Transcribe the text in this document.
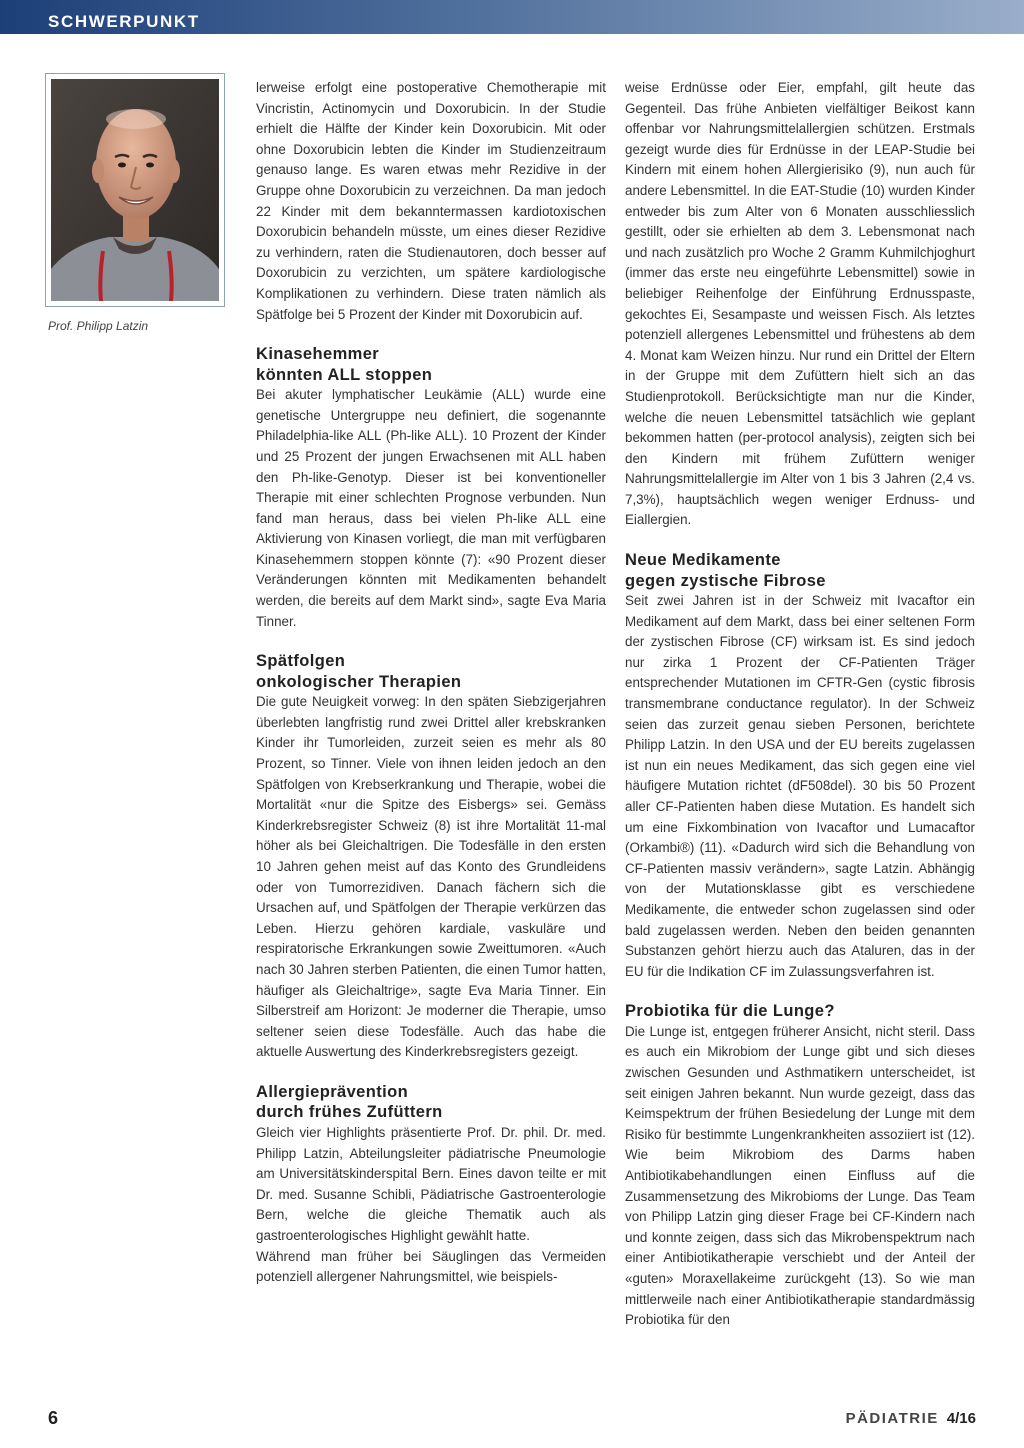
SCHWERPUNKT
Prof. Philipp Latzin

lerweise erfolgt eine postoperative Chemotherapie mit Vincristin, Actinomycin und Doxorubicin. In der Studie erhielt die Hälfte der Kinder kein Doxorubicin. Mit oder ohne Doxorubicin lebten die Kinder im Studienzeitraum genauso lange. Es waren etwas mehr Rezidive in der Gruppe ohne Doxorubicin zu verzeichnen. Da man jedoch 22 Kinder mit dem bekanntermassen kardiotoxischen Doxorubicin behandeln müsste, um eines dieser Rezidive zu verhindern, raten die Studienautoren, doch besser auf Doxorubicin zu verzichten, um spätere kardiologische Komplikationen zu verhindern. Diese traten nämlich als Spätfolge bei 5 Prozent der Kinder mit Doxorubicin auf.

Kinasehemmer
könnten ALL stoppen

Bei akuter lymphatischer Leukämie (ALL) wurde eine genetische Untergruppe neu definiert, die sogenannte Philadelphia-like ALL (Ph-like ALL). 10 Prozent der Kinder und 25 Prozent der jungen Erwachsenen mit ALL haben den Ph-like-Genotyp. Dieser ist bei konventioneller Therapie mit einer schlechten Prognose verbunden. Nun fand man heraus, dass bei vielen Ph-like ALL eine Aktivierung von Kinasen vorliegt, die man mit verfügbaren Kinasehemmern stoppen könnte (7): «90 Prozent dieser Veränderungen könnten mit Medikamenten behandelt werden, die bereits auf dem Markt sind», sagte Eva Maria Tinner.

Spätfolgen
onkologischer Therapien

Die gute Neuigkeit vorweg: In den späten Siebzigerjahren überlebten langfristig rund zwei Drittel aller krebskranken Kinder ihr Tumorleiden, zurzeit seien es mehr als 80 Prozent, so Tinner. Viele von ihnen leiden jedoch an den Spätfolgen von Krebserkrankung und Therapie, wobei die Mortalität «nur die Spitze des Eisbergs» sei. Gemäss Kinderkrebsregister Schweiz (8) ist ihre Mortalität 11-mal höher als bei Gleichaltrigen. Die Todesfälle in den ersten 10 Jahren gehen meist auf das Konto des Grundleidens oder von Tumorrezidiven. Danach fächern sich die Ursachen auf, und Spätfolgen der Therapie verkürzen das Leben. Hierzu gehören kardiale, vaskuläre und respiratorische Erkrankungen sowie Zweittumoren. «Auch nach 30 Jahren sterben Patienten, die einen Tumor hatten, häufiger als Gleichaltrige», sagte Eva Maria Tinner. Ein Silberstreif am Horizont: Je moderner die Therapie, umso seltener seien diese Todesfälle. Auch das habe die aktuelle Auswertung des Kinderkrebsregisters gezeigt.

Allergieprävention
durch frühes Zufüttern

Gleich vier Highlights präsentierte Prof. Dr. phil. Dr. med. Philipp Latzin, Abteilungsleiter pädiatrische Pneumologie am Universitätskinderspital Bern. Eines davon teilte er mit Dr. med. Susanne Schibli, Pädiatrische Gastroenterologie Bern, welche die gleiche Thematik auch als gastroenterologisches Highlight gewählt hatte.

Während man früher bei Säuglingen das Vermeiden potenziell allergener Nahrungsmittel, wie beispiels-

weise Erdnüsse oder Eier, empfahl, gilt heute das Gegenteil. Das frühe Anbieten vielfältiger Beikost kann offenbar vor Nahrungsmittelallergien schützen. Erstmals gezeigt wurde dies für Erdnüsse in der LEAP-Studie bei Kindern mit einem hohen Allergierisiko (9), nun auch für andere Lebensmittel. In die EAT-Studie (10) wurden Kinder entweder bis zum Alter von 6 Monaten ausschliesslich gestillt, oder sie erhielten ab dem 3. Lebensmonat nach und nach zusätzlich pro Woche 2 Gramm Kuhmilchjoghurt (immer das erste neu eingeführte Lebensmittel) sowie in beliebiger Reihenfolge der Einführung Erdnusspaste, gekochtes Ei, Sesampaste und weissen Fisch. Als letztes potenziell allergenes Lebensmittel und frühestens ab dem 4. Monat kam Weizen hinzu. Nur rund ein Drittel der Eltern in der Gruppe mit dem Zufüttern hielt sich an das Studienprotokoll. Berücksichtigte man nur die Kinder, welche die neuen Lebensmittel tatsächlich wie geplant bekommen hatten (per-protocol analysis), zeigten sich bei den Kindern mit frühem Zufüttern weniger Nahrungsmittelallergie im Alter von 1 bis 3 Jahren (2,4 vs. 7,3%), hauptsächlich wegen weniger Erdnuss- und Eiallergien.

Neue Medikamente
gegen zystische Fibrose

Seit zwei Jahren ist in der Schweiz mit Ivacaftor ein Medikament auf dem Markt, dass bei einer seltenen Form der zystischen Fibrose (CF) wirksam ist. Es sind jedoch nur zirka 1 Prozent der CF-Patienten Träger entsprechender Mutationen im CFTR-Gen (cystic fibrosis transmembrane conductance regulator). In der Schweiz seien das zurzeit genau sieben Personen, berichtete Philipp Latzin. In den USA und der EU bereits zugelassen ist nun ein neues Medikament, das sich gegen eine viel häufigere Mutation richtet (dF508del). 30 bis 50 Prozent aller CF-Patienten haben diese Mutation. Es handelt sich um eine Fixkombination von Ivacaftor und Lumacaftor (Orkambi®) (11). «Dadurch wird sich die Behandlung von CF-Patienten massiv verändern», sagte Latzin. Abhängig von der Mutationsklasse gibt es verschiedene Medikamente, die entweder schon zugelassen sind oder bald zugelassen werden. Neben den beiden genannten Substanzen gehört hierzu auch das Ataluren, das in der EU für die Indikation CF im Zulassungsverfahren ist.

Probiotika für die Lunge?

Die Lunge ist, entgegen früherer Ansicht, nicht steril. Dass es auch ein Mikrobiom der Lunge gibt und sich dieses zwischen Gesunden und Asthmatikern unterscheidet, ist seit einigen Jahren bekannt. Nun wurde gezeigt, dass das Keimspektrum der frühen Besiedelung der Lunge mit dem Risiko für bestimmte Lungenkrankheiten assoziiert ist (12). Wie beim Mikrobiom des Darms haben Antibiotikabehandlungen einen Einfluss auf die Zusammensetzung des Mikrobioms der Lunge. Das Team von Philipp Latzin ging dieser Frage bei CF-Kindern nach und konnte zeigen, dass sich das Mikrobenspektrum nach einer Antibiotikatherapie verschiebt und der Anteil der «guten» Moraxellakeime zurückgeht (13). So wie man mittlerweile nach einer Antibiotikatherapie standardmässig Probiotika für den

6	PÄDIATRIE 4/16
